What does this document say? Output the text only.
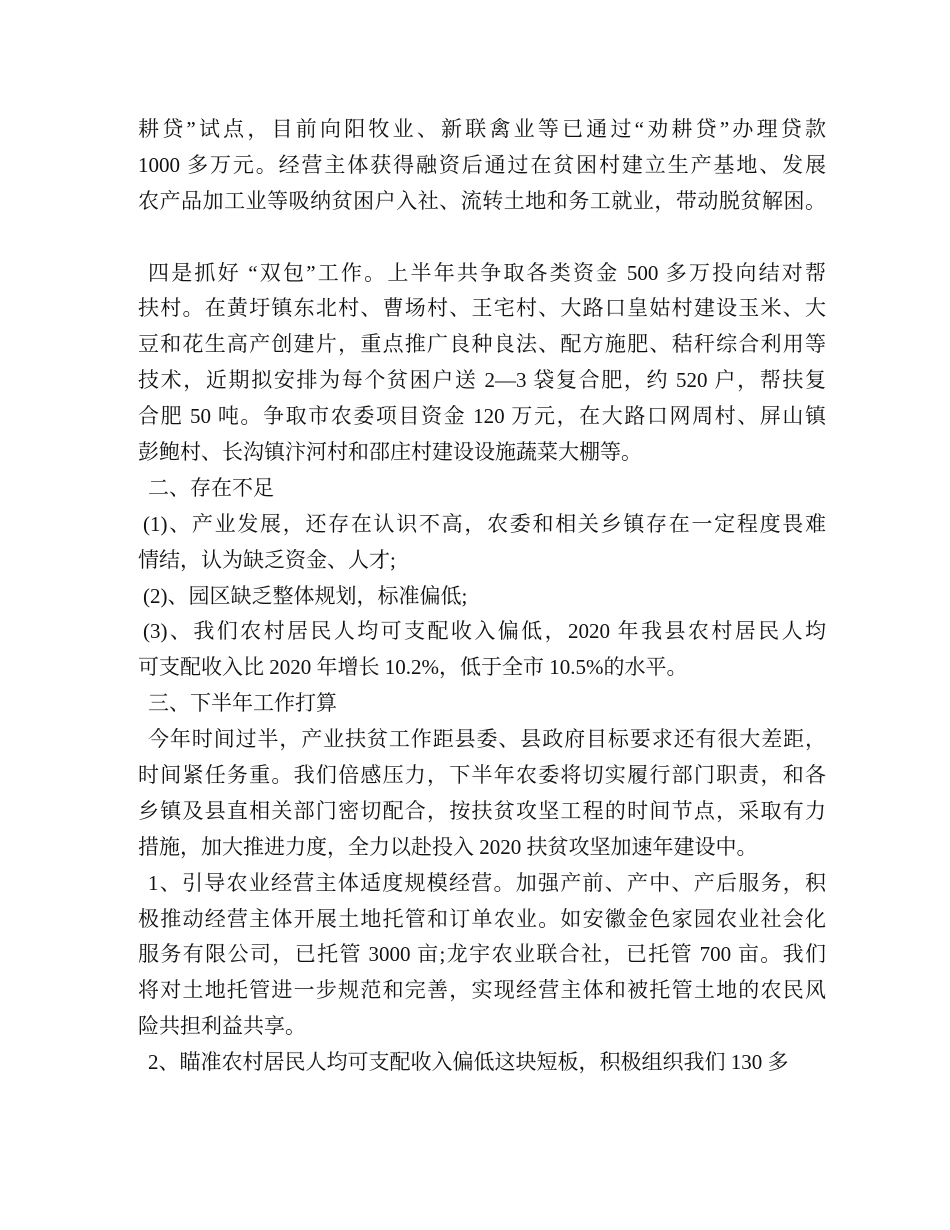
耕贷”试点，目前向阳牧业、新联禽业等已通过“劝耕贷”办理贷款
1000 多万元。经营主体获得融资后通过在贫困村建立生产基地、发展
农产品加工业等吸纳贫困户入社、流转土地和务工就业，带动脱贫解困。
四是抓好 “双包”工作。上半年共争取各类资金 500 多万投向结对帮
扶村。在黄圩镇东北村、曹场村、王宅村、大路口皇姑村建设玉米、大
豆和花生高产创建片，重点推广良种良法、配方施肥、秸秆综合利用等
技术，近期拟安排为每个贫困户送 2—3 袋复合肥，约 520 户，帮扶复
合肥 50 吨。争取市农委项目资金 120 万元，在大路口网周村、屏山镇
彭鲍村、长沟镇汴河村和邵庄村建设设施蔬菜大棚等。
二、存在不足
(1)、产业发展，还存在认识不高，农委和相关乡镇存在一定程度畏难
情结，认为缺乏资金、人才;
(2)、园区缺乏整体规划，标准偏低;
(3)、我们农村居民人均可支配收入偏低，2020 年我县农村居民人均
可支配收入比 2020 年增长 10.2%，低于全市 10.5%的水平。
三、下半年工作打算
今年时间过半，产业扶贫工作距县委、县政府目标要求还有很大差距，
时间紧任务重。我们倍感压力，下半年农委将切实履行部门职责，和各
乡镇及县直相关部门密切配合，按扶贫攻坚工程的时间节点，采取有力
措施，加大推进力度，全力以赴投入 2020 扶贫攻坚加速年建设中。
1、引导农业经营主体适度规模经营。加强产前、产中、产后服务，积
极推动经营主体开展土地托管和订单农业。如安徽金色家园农业社会化
服务有限公司，已托管 3000 亩;龙宇农业联合社，已托管 700 亩。我们
将对土地托管进一步规范和完善，实现经营主体和被托管土地的农民风
险共担利益共享。
2、瞄准农村居民人均可支配收入偏低这块短板，积极组织我们 130 多
